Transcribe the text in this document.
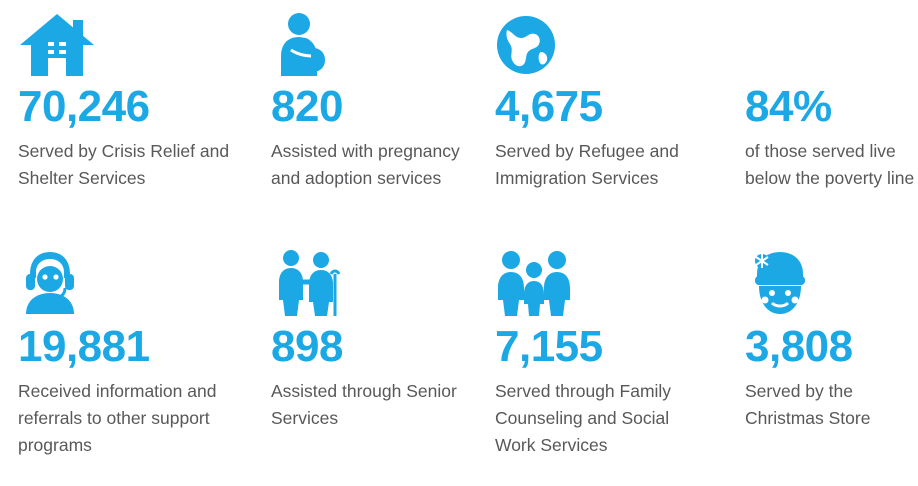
70,246
Served by Crisis Relief and Shelter Services
820
Assisted with pregnancy and adoption services
4,675
Served by Refugee and Immigration Services
84%
of those served live below the poverty line
19,881
Received information and referrals to other support programs
898
Assisted through Senior Services
7,155
Served through Family Counseling and Social Work Services
3,808
Served by the Christmas Store
